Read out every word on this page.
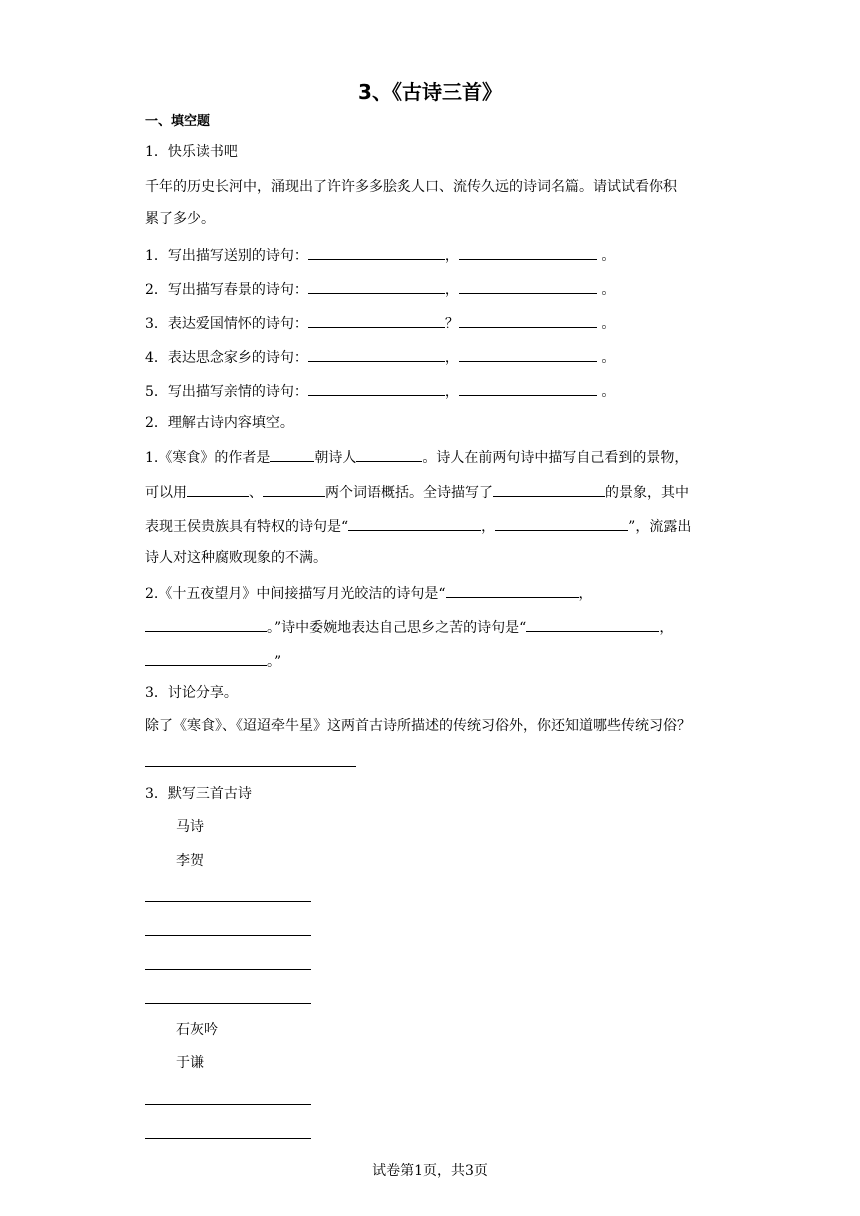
3、《古诗三首》
一、填空题
1．快乐读书吧
千年的历史长河中，涌现出了许许多多脍炙人口、流传久远的诗词名篇。请试试看你积
累了多少。
1．写出描写送别的诗句：	，	。
2．写出描写春景的诗句：	，	。
3．表达爱国情怀的诗句：	？	。
4．表达思念家乡的诗句：	，	。
5．写出描写亲情的诗句：	，	。
2．理解古诗内容填空。
1.《寒食》的作者是	朝诗人	。诗人在前两句诗中描写自己看到的景物，
可以用	、	两个词语概括。全诗描写了	的景象，其中
表现王侯贵族具有特权的诗句是“	，	”，流露出
诗人对这种腐败现象的不满。
2.《十五夜望月》中间接描写月光皎洁的诗句是“	，
。”诗中委婉地表达自己思乡之苦的诗句是“	，
。”
3．讨论分享。
除了《寒食》、《迢迢牵牛星》这两首古诗所描述的传统习俗外，你还知道哪些传统习俗？
3．默写三首古诗
马诗
李贺
石灰吟
于谦
试卷第1页，共3页
